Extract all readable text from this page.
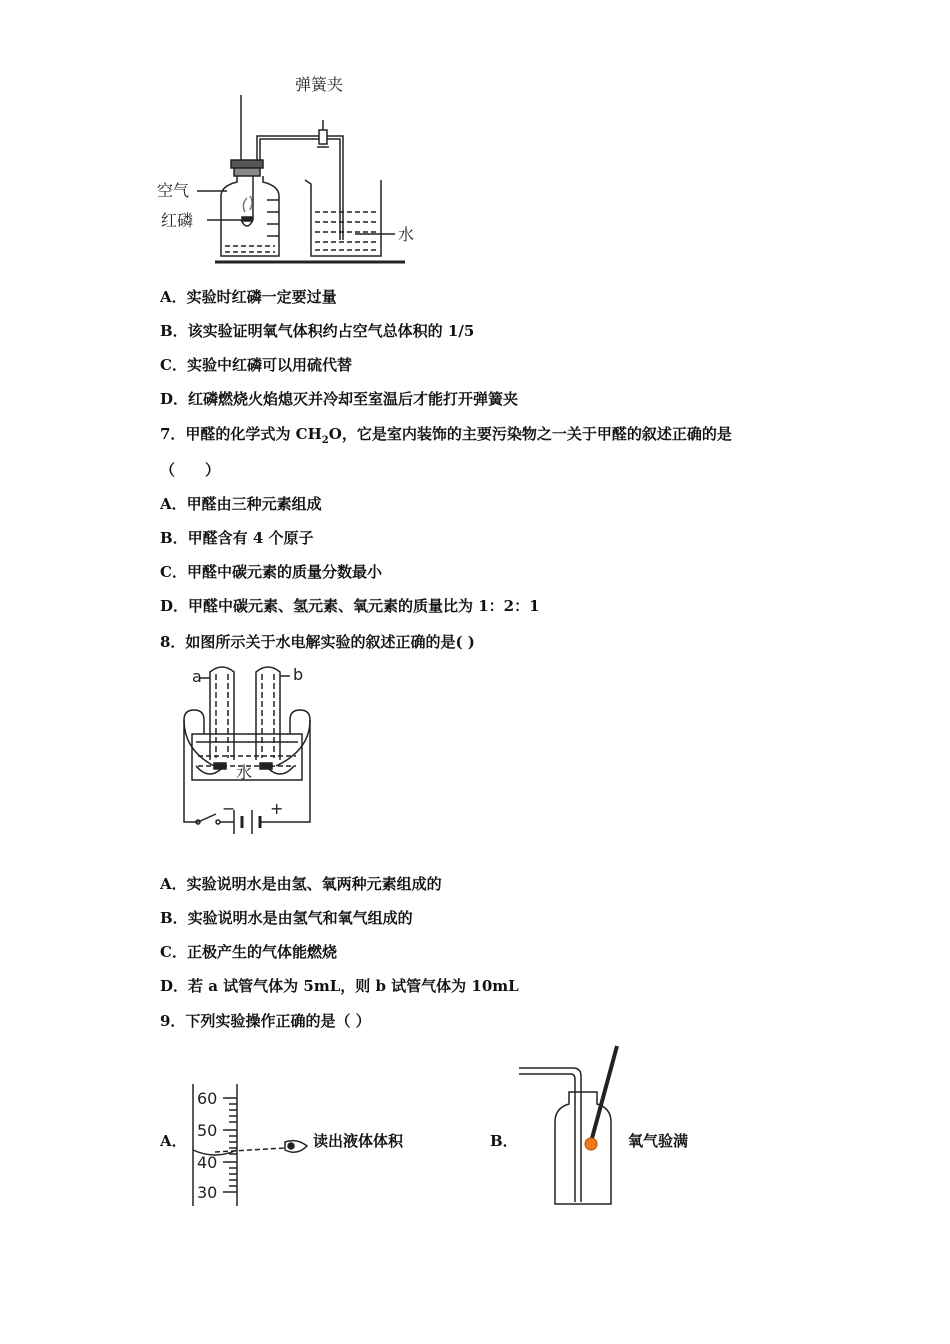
弹簧夹
空气
红磷
水
A．实验时红磷一定要过量
B．该实验证明氧气体积约占空气总体积的 1/5
C．实验中红磷可以用硫代替
D．红磷燃烧火焰熄灭并冷却至室温后才能打开弹簧夹
7．甲醛的化学式为 $CH_2O$，它是室内装饰的主要污染物之一关于甲醛的叙述正确的是
（　　）
A．甲醛由三种元素组成
B．甲醛含有 4 个原子
C．甲醛中碳元素的质量分数最小
D．甲醛中碳元素、氢元素、氧元素的质量比为 1：2：1
8．如图所示关于水电解实验的叙述正确的是( )
a	b
水
− +
A．实验说明水是由氢、氧两种元素组成的
B．实验说明水是由氢气和氧气组成的
C．正极产生的气体能燃烧
D．若 a 试管气体为 5mL，则 b 试管气体为 10mL
9．下列实验操作正确的是（ ）
A．
60
50
40
30
读出液体体积	B．	氧气验满
